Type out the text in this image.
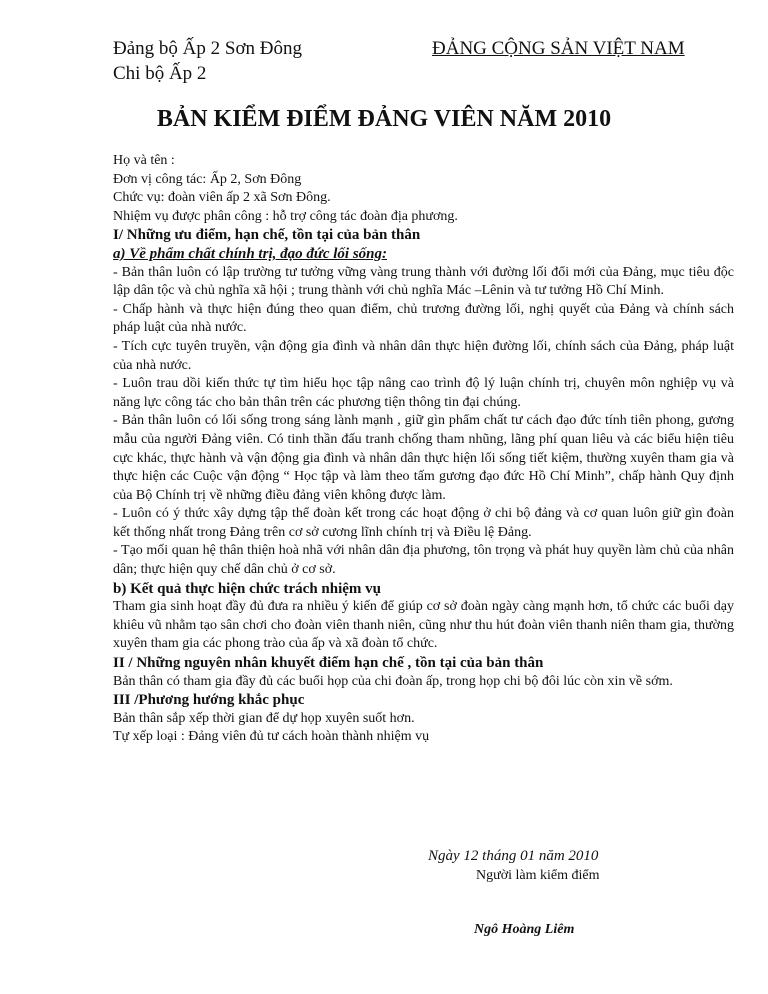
Đảng bộ Ấp 2 Sơn Đông
Chi bộ Ấp 2
ĐẢNG CỘNG SẢN VIỆT NAM
BẢN KIỂM ĐIỂM ĐẢNG VIÊN NĂM 2010

Họ và tên :

Đơn vị công tác: Ấp 2, Sơn Đông

Chức vụ: đoàn viên ấp 2 xã Sơn Đông.

Nhiệm vụ được phân công : hỗ trợ công tác đoàn địa phương.

I/ Những ưu điểm, hạn chế, tồn tại của bản thân

a) Về phẩm chất chính trị, đạo đức lối sống:

- Bản thân luôn có lập trường tư tưởng vững vàng trung thành với đường lối đổi mới của Đảng, mục tiêu độc lập dân tộc và chủ nghĩa xã hội ; trung thành với chủ nghĩa Mác –Lênin và tư tưởng Hồ Chí Minh.

- Chấp hành và thực hiện đúng theo quan điểm, chủ trương đường lối, nghị quyết của Đảng và chính sách pháp luật của nhà nước.

- Tích cực tuyên truyền, vận động gia đình và nhân dân thực hiện đường lối, chính sách của Đảng, pháp luật của nhà nước.

- Luôn trau dồi kiến thức tự tìm hiểu học tập nâng cao trình độ lý luận chính trị, chuyên môn nghiệp vụ và năng lực công tác cho bản thân trên các phương tiện thông tin đại chúng.

- Bản thân luôn có lối sống trong sáng lành mạnh , giữ gìn phẩm chất tư cách đạo đức tính tiên phong, gương mẫu của người Đảng viên. Có tinh thần đấu tranh chống tham nhũng, lãng phí quan liêu và các biểu hiện tiêu cực khác, thực hành và vận động gia đình và nhân dân thực hiện lối sống tiết kiệm, thường xuyên tham gia và thực hiện các Cuộc vận động “ Học tập và làm theo tấm gương đạo đức Hồ Chí Minh”, chấp hành Quy định của Bộ Chính trị về những điều đảng viên không được làm.

- Luôn có ý thức xây dựng tập thể đoàn kết trong các hoạt động ở chi bộ đảng và cơ quan luôn giữ gìn đoàn kết thống nhất trong Đảng trên cơ sở cương lĩnh chính trị và Điều lệ Đảng.

- Tạo mối quan hệ thân thiện hoà nhã với nhân dân địa phương, tôn trọng và phát huy quyền làm chủ của nhân dân; thực hiện quy chế dân chủ ở cơ sở.

b) Kết quả thực hiện chức trách nhiệm vụ

Tham gia sinh hoạt đầy đủ đưa ra nhiều ý kiến để giúp cơ sở đoàn ngày càng mạnh hơn, tổ chức các buổi dạy khiêu vũ nhằm tạo sân chơi cho đoàn viên thanh niên, cũng như thu hút đoàn viên thanh niên tham gia, thường xuyên tham gia các phong trào của ấp và xã đoàn tổ chức.

II / Những nguyên nhân khuyết điểm hạn chế , tồn tại của bản thân

Bản thân có tham gia đầy đủ các buổi họp của chi đoàn ấp, trong họp chi bộ đôi lúc còn xin về sớm.

III /Phương hướng khắc phục

Bản thân sắp xếp thời gian để dự họp xuyên suốt hơn.

Tự xếp loại : Đảng viên đủ tư cách hoàn thành nhiệm vụ

Ngày 12 tháng 01 năm 2010
Người làm kiểm điểm
Ngô Hoàng Liêm
